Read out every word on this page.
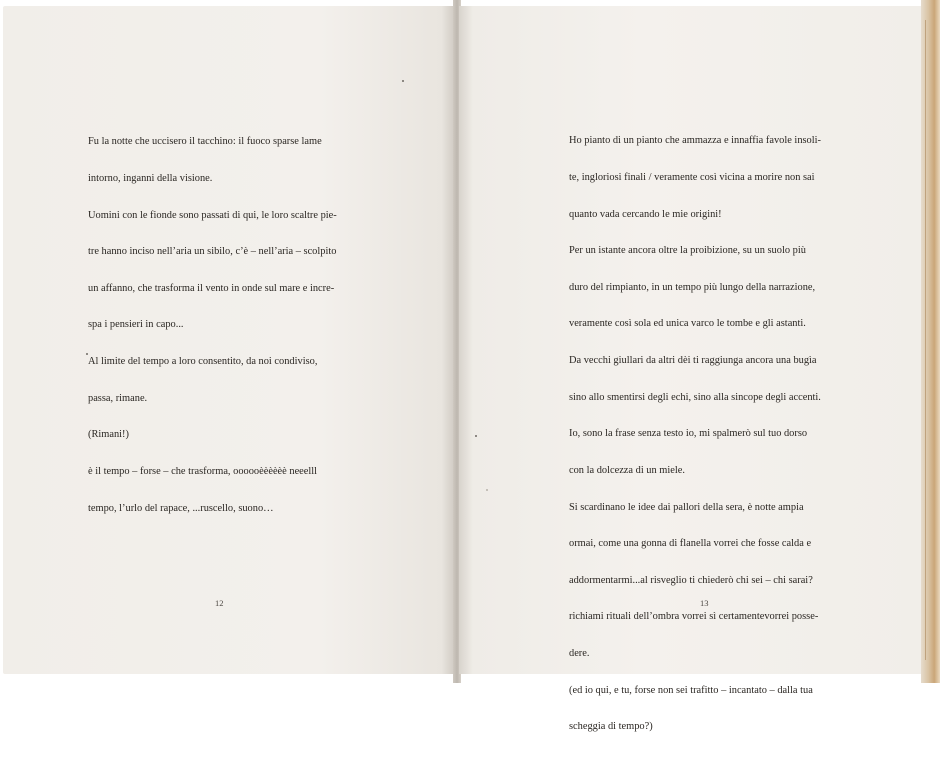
Fu la notte che uccisero il tacchino: il fuoco sparse lame

intorno, inganni della visione.

Uomini con le fionde sono passati di qui, le loro scaltre pie-

tre hanno inciso nell’aria un sibilo, c’è – nell’aria – scolpito

un affanno, che trasforma il vento in onde sul mare e incre-

spa i pensieri in capo...

Al limite del tempo a loro consentito, da noi condiviso,

passa, rimane.

(Rimani!)

è il tempo – forse – che trasforma, oooooèèèèèè neeelll

tempo, l’urlo del rapace, ...ruscello, suono…

Ho pianto di un pianto che ammazza e innaffia favole insoli-

te, ingloriosi finali / veramente così vicina a morire non sai

quanto vada cercando le mie origini!

Per un istante ancora oltre la proibizione, su un suolo più

duro del rimpianto, in un tempo più lungo della narrazione,

veramente così sola ed unica varco le tombe e gli astanti.

Da vecchi giullari da altri dèi ti raggiunga ancora una bugìa

sino allo smentirsi degli echi, sino alla sincope degli accenti.

Io, sono la frase senza testo io, mi spalmerò sul tuo dorso

con la dolcezza di un miele.

Si scardinano le idee dai pallori della sera, è notte ampia

ormai, come una gonna di flanella vorrei che fosse calda e

addormentarmi...al risveglio ti chiederò chi sei – chi sarai?

richiami rituali dell’ombra vorrei sì certamentevorrei posse-

dere.

(ed io qui, e tu, forse non sei trafitto – incantato – dalla tua

scheggia di tempo?)

12	13
